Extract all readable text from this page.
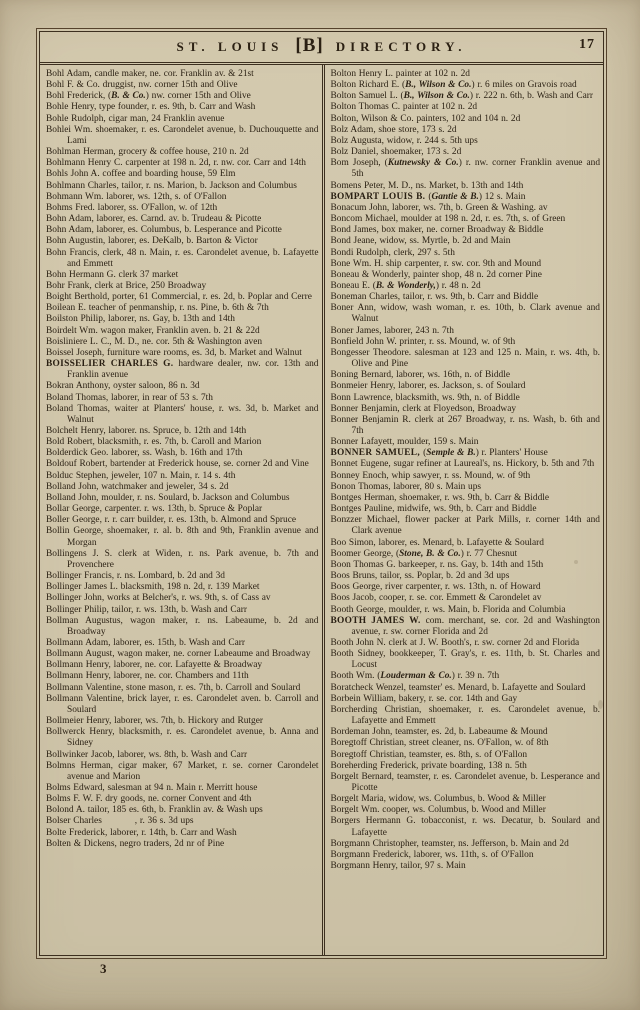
ST. LOUIS [B] DIRECTORY.	17
Bohl Adam, candle maker, ne. cor. Franklin av. & 21st
Bohl F. & Co. druggist, nw. corner 15th and Olive
Bohl Frederick, (B. & Co.) nw. corner 15th and Olive
Bohle Henry, type founder, r. es. 9th, b. Carr and Wash
Bohle Rudolph, cigar man, 24 Franklin avenue
Bohlei Wm. shoemaker, r. es. Carondelet avenue, b. Duchouquette and Lami
Bohlman Herman, grocery & coffee house, 210 n. 2d
Bohlmann Henry C. carpenter at 198 n. 2d, r. nw. cor. Carr and 14th
Bohls John A. coffee and boarding house, 59 Elm
Bohlmann Charles, tailor, r. ns. Marion, b. Jackson and Columbus
Bohmann Wm. laborer, ws. 12th, s. of O'Fallon
Bohms Fred. laborer, ss. O'Fallon, w. of 12th
Bohn Adam, laborer, es. Carnd. av. b. Trudeau & Picotte
Bohn Adam, laborer, es. Columbus, b. Lesperance and Picotte
Bohn Augustin, laborer, es. DeKalb, b. Barton & Victor
Bohn Francis, clerk, 48 n. Main, r. es. Carondelet avenue, b. Lafayette and Emmett
Bohn Hermann G. clerk 37 market
Bohr Frank, clerk at Brice, 250 Broadway
Boight Berthold, porter, 61 Commercial, r. es. 2d, b. Poplar and Cerre
Boilean E. teacher of penmanship, r. ns. Pine, b. 6th & 7th
Boilston Philip, laborer, ns. Gay, b. 13th and 14th
Boirdelt Wm. wagon maker, Franklin aven. b. 21 & 22d
Boisliniere L. C., M. D., ne. cor. 5th & Washington aven
Boissel Joseph, furniture ware rooms, es. 3d, b. Market and Walnut
BOISSELIER CHARLES G. hardware dealer, nw. cor. 13th and Franklin avenue
Bokran Anthony, oyster saloon, 86 n. 3d
Boland Thomas, laborer, in rear of 53 s. 7th
Boland Thomas, waiter at Planters' house, r. ws. 3d, b. Market and Walnut
Bolchelt Henry, laborer. ns. Spruce, b. 12th and 14th
Bold Robert, blacksmith, r. es. 7th, b. Caroll and Marion
Bolderdick Geo. laborer, ss. Wash, b. 16th and 17th
Boldouf Robert, bartender at Frederick house, se. corner 2d and Vine
Bolduc Stephen, jeweler, 107 n. Main, r. 14 s. 4th
Bolland John, watchmaker and jeweler, 34 s. 2d
Bolland John, moulder, r. ns. Soulard, b. Jackson and Columbus
Bollar George, carpenter. r. ws. 13th, b. Spruce & Poplar
Boller George, r. r. carr builder, r. es. 13th, b. Almond and Spruce
Bollin George, shoemaker, r. al. b. 8th and 9th, Franklin avenue and Morgan
Bollingens J. S. clerk at Widen, r. ns. Park avenue, b. 7th and Provenchere
Bollinger Francis, r. ns. Lombard, b. 2d and 3d
Bollinger James L. blacksmith, 198 n. 2d, r. 139 Market
Bollinger John, works at Belcher's, r. ws. 9th, s. of Cass av
Bollinger Philip, tailor, r. ws. 13th, b. Wash and Carr
Bollman Augustus, wagon maker, r. ns. Labeaume, b. 2d and Broadway
Bollmann Adam, laborer, es. 15th, b. Wash and Carr
Bollmann August, wagon maker, ne. corner Labeaume and Broadway
Bollmann Henry, laborer, ne. cor. Lafayette & Broadway
Bollmann Henry, laborer, ne. cor. Chambers and 11th
Bollmann Valentine, stone mason, r. es. 7th, b. Carroll and Soulard
Bollmann Valentine, brick layer, r. es. Carondelet aven. b. Carroll and Soulard
Bollmeier Henry, laborer, ws. 7th, b. Hickory and Rutger
Bollwerck Henry, blacksmith, r. es. Carondelet avenue, b. Anna and Sidney
Bollwinker Jacob, laborer, ws. 8th, b. Wash and Carr
Bolmns Herman, cigar maker, 67 Market, r. se. corner Carondelet avenue and Marion
Bolms Edward, salesman at 94 n. Main r. Merritt house
Bolms F. W. F. dry goods, ne. corner Convent and 4th
Bolond A. tailor, 185 es. 6th, b. Franklin av. & Wash ups
Bolser Charles            , r. 36 s. 3d ups
Bolte Frederick, laborer, r. 14th, b. Carr and Wash
Bolten & Dickens, negro traders, 2d nr of Pine
Bolton Henry L. painter at 102 n. 2d
Bolton Richard E. (B., Wilson & Co.) r. 6 miles on Gravois road
Bolton Samuel L. (B., Wilson & Co.) r. 222 n. 6th, b. Wash and Carr
Bolton Thomas C. painter at 102 n. 2d
Bolton, Wilson & Co. painters, 102 and 104 n. 2d
Bolz Adam, shoe store, 173 s. 2d
Bolz Augusta, widow, r. 244 s. 5th ups
Bolz Daniel, shoemaker, 173 s. 2d
Bom Joseph, (Kutnewsky & Co.) r. nw. corner Franklin avenue and 5th
Bomens Peter, M. D., ns. Market, b. 13th and 14th
BOMPART LOUIS B. (Gantie & B.) 12 s. Main
Bonacum John, laborer, ws. 7th, b. Green & Washing. av
Boncom Michael, moulder at 198 n. 2d, r. es. 7th, s. of Green
Bond James, box maker, ne. corner Broadway & Biddle
Bond Jeane, widow, ss. Myrtle, b. 2d and Main
Bondi Rudolph, clerk, 297 s. 5th
Bone Wm. H. ship carpenter, r. sw. cor. 9th and Mound
Boneau & Wonderly, painter shop, 48 n. 2d corner Pine
Boneau E. (B. & Wonderly,) r. 48 n. 2d
Boneman Charles, tailor, r. ws. 9th, b. Carr and Biddle
Boner Ann, widow, wash woman, r. es. 10th, b. Clark avenue and Walnut
Boner James, laborer, 243 n. 7th
Bonfield John W. printer, r. ss. Mound, w. of 9th
Bongesser Theodore. salesman at 123 and 125 n. Main, r. ws. 4th, b. Olive and Pine
Boning Bernard, laborer, ws. 16th, n. of Biddle
Bonmeier Henry, laborer, es. Jackson, s. of Soulard
Bonn Lawrence, blacksmith, ws. 9th, n. of Biddle
Bonner Benjamin, clerk at Floyedson, Broadway
Bonner Benjamin R. clerk at 267 Broadway, r. ns. Wash, b. 6th and 7th
Bonner Lafayett, moulder, 159 s. Main
BONNER SAMUEL, (Semple & B.) r. Planters' House
Bonnet Eugene, sugar refiner at Laureal's, ns. Hickory, b. 5th and 7th
Bonney Enoch, whip sawyer, r. ss. Mound, w. of 9th
Bonon Thomas, laborer, 80 s. Main ups
Bontges Herman, shoemaker, r. ws. 9th, b. Carr & Biddle
Bontges Pauline, midwife, ws. 9th, b. Carr and Biddle
Bonzzer Michael, flower packer at Park Mills, r. corner 14th and Clark avenue
Boo Simon, laborer, es. Menard, b. Lafayette & Soulard
Boomer George, (Stone, B. & Co.) r. 77 Chesnut
Boon Thomas G. barkeeper, r. ns. Gay, b. 14th and 15th
Boos Bruns, tailor, ss. Poplar, b. 2d and 3d ups
Boos George, river carpenter, r. ws. 13th, n. of Howard
Boos Jacob, cooper, r. se. cor. Emmett & Carondelet av
Booth George, moulder, r. ws. Main, b. Florida and Columbia
BOOTH JAMES W. com. merchant, se. cor. 2d and Washington avenue, r. sw. corner Florida and 2d
Booth John N. clerk at J. W. Booth's, r. sw. corner 2d and Florida
Booth Sidney, bookkeeper, T. Gray's, r. es. 11th, b. St. Charles and Locust
Booth Wm. (Louderman & Co.) r. 39 n. 7th
Boratcheck Wenzel, teamster' es. Menard, b. Lafayette and Soulard
Borbein William, bakery, r. se. cor. 14th and Gay
Borcherding Christian, shoemaker, r. es. Carondelet avenue, b. Lafayette and Emmett
Bordeman John, teamster, es. 2d, b. Labeaume & Mound
Boregtoff Christian, street cleaner, ns. O'Fallon, w. of 8th
Boregtoff Christian, teamster, es. 8th, s. of O'Fallon
Boreherding Frederick, private boarding, 138 n. 5th
Borgelt Bernard, teamster, r. es. Carondelet avenue, b. Lesperance and Picotte
Borgelt Maria, widow, ws. Columbus, b. Wood & Miller
Borgelt Wm. cooper, ws. Columbus, b. Wood and Miller
Borgers Hermann G. tobacconist, r. ws. Decatur, b. Soulard and Lafayette
Borgmann Christopher, teamster, ns. Jefferson, b. Main and 2d
Borgmann Frederick, laborer, ws. 11th, s. of O'Fallon
Borgmann Henry, tailor, 97 s. Main
3
